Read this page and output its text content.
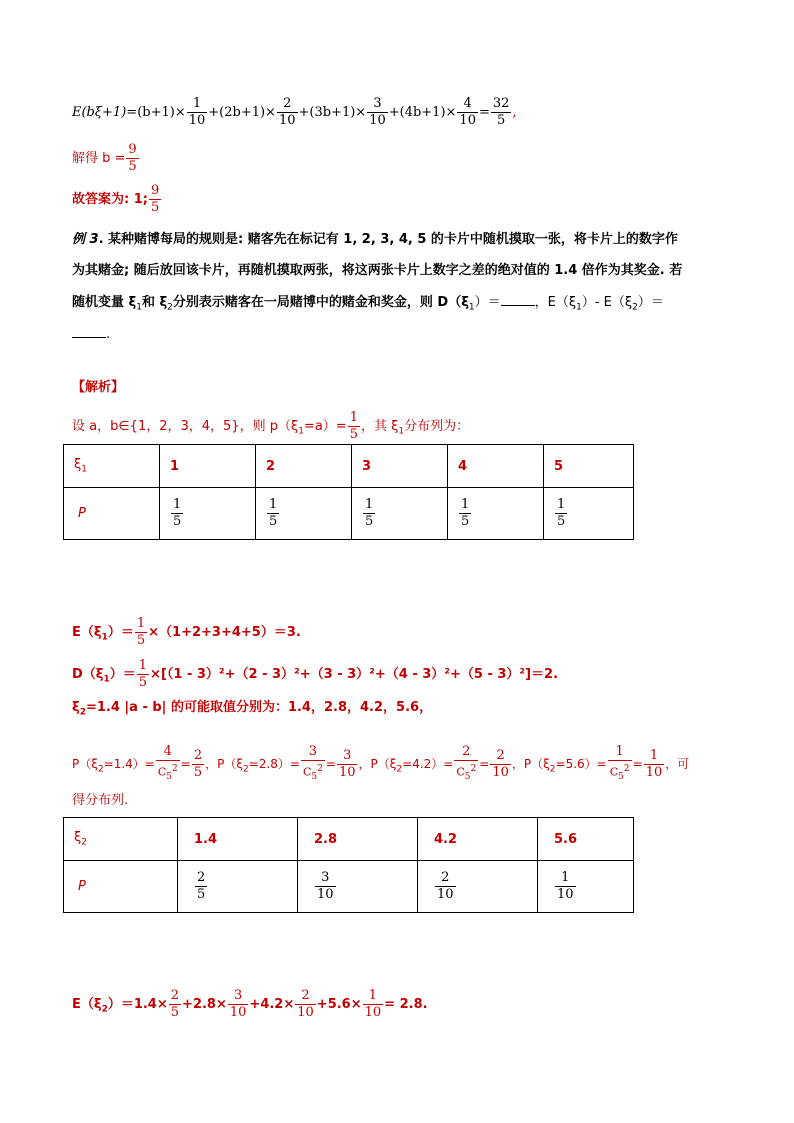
$E(b\xi+1)=(b+1)\times \frac{1}{10} +(2b+1)\times \frac{2}{10} +(3b+1)\times \frac{3}{10} +(4b+1)\times \frac{4}{10} = \frac{32}{5}$ ,
解得 $b = \frac{9}{5}$
故答案为: 1; $\frac{9}{5}$
例 3. 某种赌博每局的规则是: 赌客先在标记有 1, 2, 3, 4, 5 的卡片中随机摸取一张，将卡片上的数字作
为其赌金; 随后放回该卡片，再随机摸取两张，将这两张卡片上数字之差的绝对值的 1.4 倍作为其奖金. 若
随机变量 $\xi_1$和 $\xi_2$分别表示赌客在一局赌博中的赌金和奖金，则 $D(\xi_1)=$	，$E(\xi_1)-$ $E(\xi_2)=$
.
【解析】
设 a，b∈{1，2，3，4，5}，则 $p(\xi_1=a)= \frac{1}{5}$ ，其 $\xi_1$分布列为：
$\xi_1$	1	2	3	4	5
P	$\frac{1}{5}$	$\frac{1}{5}$	$\frac{1}{5}$	$\frac{1}{5}$	$\frac{1}{5}$
$E(\xi_1)= \frac{1}{5} \times(1+2+3+4+5)=3$.
$D(\xi_1)= \frac{1}{5} \times[(1 - 3)^2+(2 - 3)^2+(3 - 3)^2+(4 - 3)^2+(5 - 3)^2]=2$.
$\xi_2=1.4$ |a - b| 的可能取值分别为：1.4，2.8，4.2，5.6，
$P(\xi_2=1.4)= \frac{4}{C_5^2} = \frac{2}{5}$ ，$P(\xi_2=2.8)= \frac{3}{C_5^2} = \frac{3}{10}$ ，$P(\xi_2=4.2)= \frac{2}{C_5^2} = \frac{2}{10}$ ，$P(\xi_2=5.6)= \frac{1}{C_5^2} = \frac{1}{10}$ ，可
得分布列.
$\xi_2$	1.4	2.8	4.2	5.6
P	$\frac{2}{5}$	$\frac{3}{10}$	$\frac{2}{10}$	$\frac{1}{10}$
$E(\xi_2)=1.4\times \frac{2}{5} +2.8\times \frac{3}{10} +4.2\times \frac{2}{10} +5.6\times \frac{1}{10} = 2.8$.
